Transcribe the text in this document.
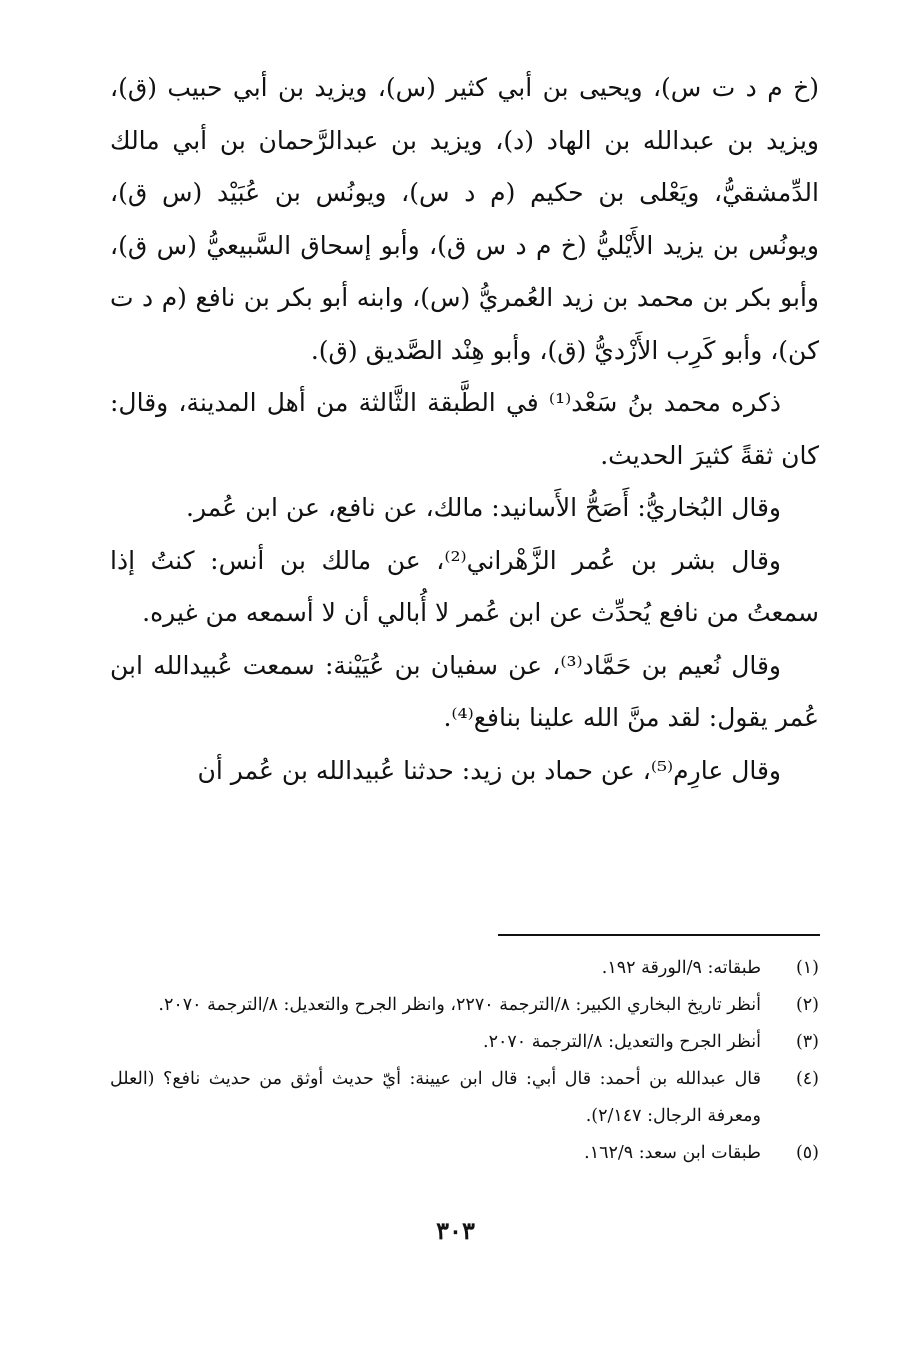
(خ م د ت س)، ويحيى بن أبي كثير (س)، ويزيد بن أبي حبيب (ق)، ويزيد بن عبدالله بن الهاد (د)، ويزيد بن عبدالرَّحمان بن أبي مالك الدِّمشقيُّ، ويَعْلى بن حكيم (م د س)، ويونُس بن عُبَيْد (س ق)، ويونُس بن يزيد الأَيْليُّ (خ م د س ق)، وأبو إسحاق السَّبيعيُّ (س ق)، وأبو بكر بن محمد بن زيد العُمريُّ (س)، وابنه أبو بكر بن نافع (م د ت كن)، وأبو كَرِب الأَزْديُّ (ق)، وأبو هِنْد الصَّديق (ق).

ذكره محمد بنُ سَعْد⁽¹⁾ في الطَّبقة الثَّالثة من أهل المدينة، وقال: كان ثقةً كثيرَ الحديث.

وقال البُخاريُّ: أَصَحُّ الأَسانيد: مالك، عن نافع، عن ابن عُمر.

وقال بشر بن عُمر الزَّهْراني⁽²⁾، عن مالك بن أنس: كنتُ إذا سمعتُ من نافع يُحدِّث عن ابن عُمر لا أُبالي أن لا أسمعه من غيره.

وقال نُعيم بن حَمَّاد⁽³⁾، عن سفيان بن عُيَيْنة: سمعت عُبيدالله ابن عُمر يقول: لقد منَّ الله علينا بنافع⁽⁴⁾.

وقال عارِم⁽⁵⁾، عن حماد بن زيد: حدثنا عُبيدالله بن عُمر أن

(١)
طبقاته: ٩/الورقة ١٩٢.
(٢)
أنظر تاريخ البخاري الكبير: ٨/الترجمة ٢٢٧٠، وانظر الجرح والتعديل: ٨/الترجمة ٢٠٧٠.
(٣)
أنظر الجرح والتعديل: ٨/الترجمة ٢٠٧٠.
(٤)
قال عبدالله بن أحمد: قال أبي: قال ابن عيينة: أيّ حديث أوثق من حديث نافع؟ (العلل ومعرفة الرجال: ٢/١٤٧).
(٥)
طبقات ابن سعد: ١٦٢/٩.
٣٠٣
